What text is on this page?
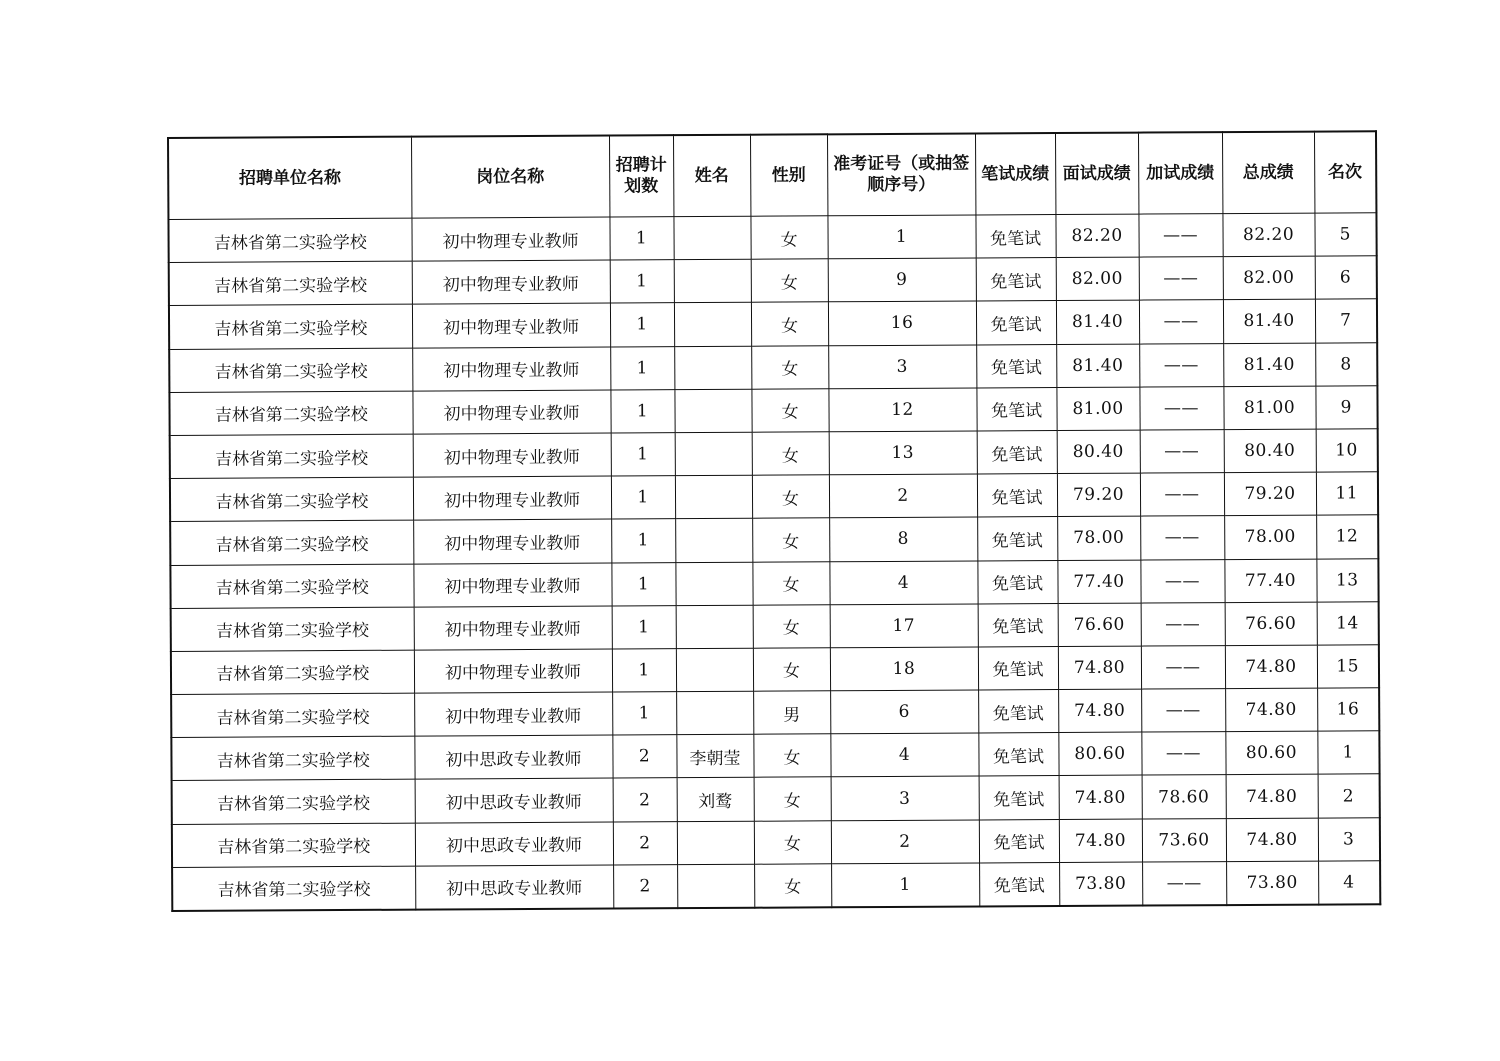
招聘单位名称	岗位名称	招聘计划数	姓名	性别	准考证号（或抽签顺序号）	笔试成绩	面试成绩	加试成绩	总成绩	名次
吉林省第二实验学校	初中物理专业教师	1		女	1	免笔试	82.20	——	82.20	5
吉林省第二实验学校	初中物理专业教师	1		女	9	免笔试	82.00	——	82.00	6
吉林省第二实验学校	初中物理专业教师	1		女	16	免笔试	81.40	——	81.40	7
吉林省第二实验学校	初中物理专业教师	1		女	3	免笔试	81.40	——	81.40	8
吉林省第二实验学校	初中物理专业教师	1		女	12	免笔试	81.00	——	81.00	9
吉林省第二实验学校	初中物理专业教师	1		女	13	免笔试	80.40	——	80.40	10
吉林省第二实验学校	初中物理专业教师	1		女	2	免笔试	79.20	——	79.20	11
吉林省第二实验学校	初中物理专业教师	1		女	8	免笔试	78.00	——	78.00	12
吉林省第二实验学校	初中物理专业教师	1		女	4	免笔试	77.40	——	77.40	13
吉林省第二实验学校	初中物理专业教师	1		女	17	免笔试	76.60	——	76.60	14
吉林省第二实验学校	初中物理专业教师	1		女	18	免笔试	74.80	——	74.80	15
吉林省第二实验学校	初中物理专业教师	1		男	6	免笔试	74.80	——	74.80	16
吉林省第二实验学校	初中思政专业教师	2	李朝莹	女	4	免笔试	80.60	——	80.60	1
吉林省第二实验学校	初中思政专业教师	2	刘鹜	女	3	免笔试	74.80	78.60	74.80	2
吉林省第二实验学校	初中思政专业教师	2		女	2	免笔试	74.80	73.60	74.80	3
吉林省第二实验学校	初中思政专业教师	2		女	1	免笔试	73.80	——	73.80	4
